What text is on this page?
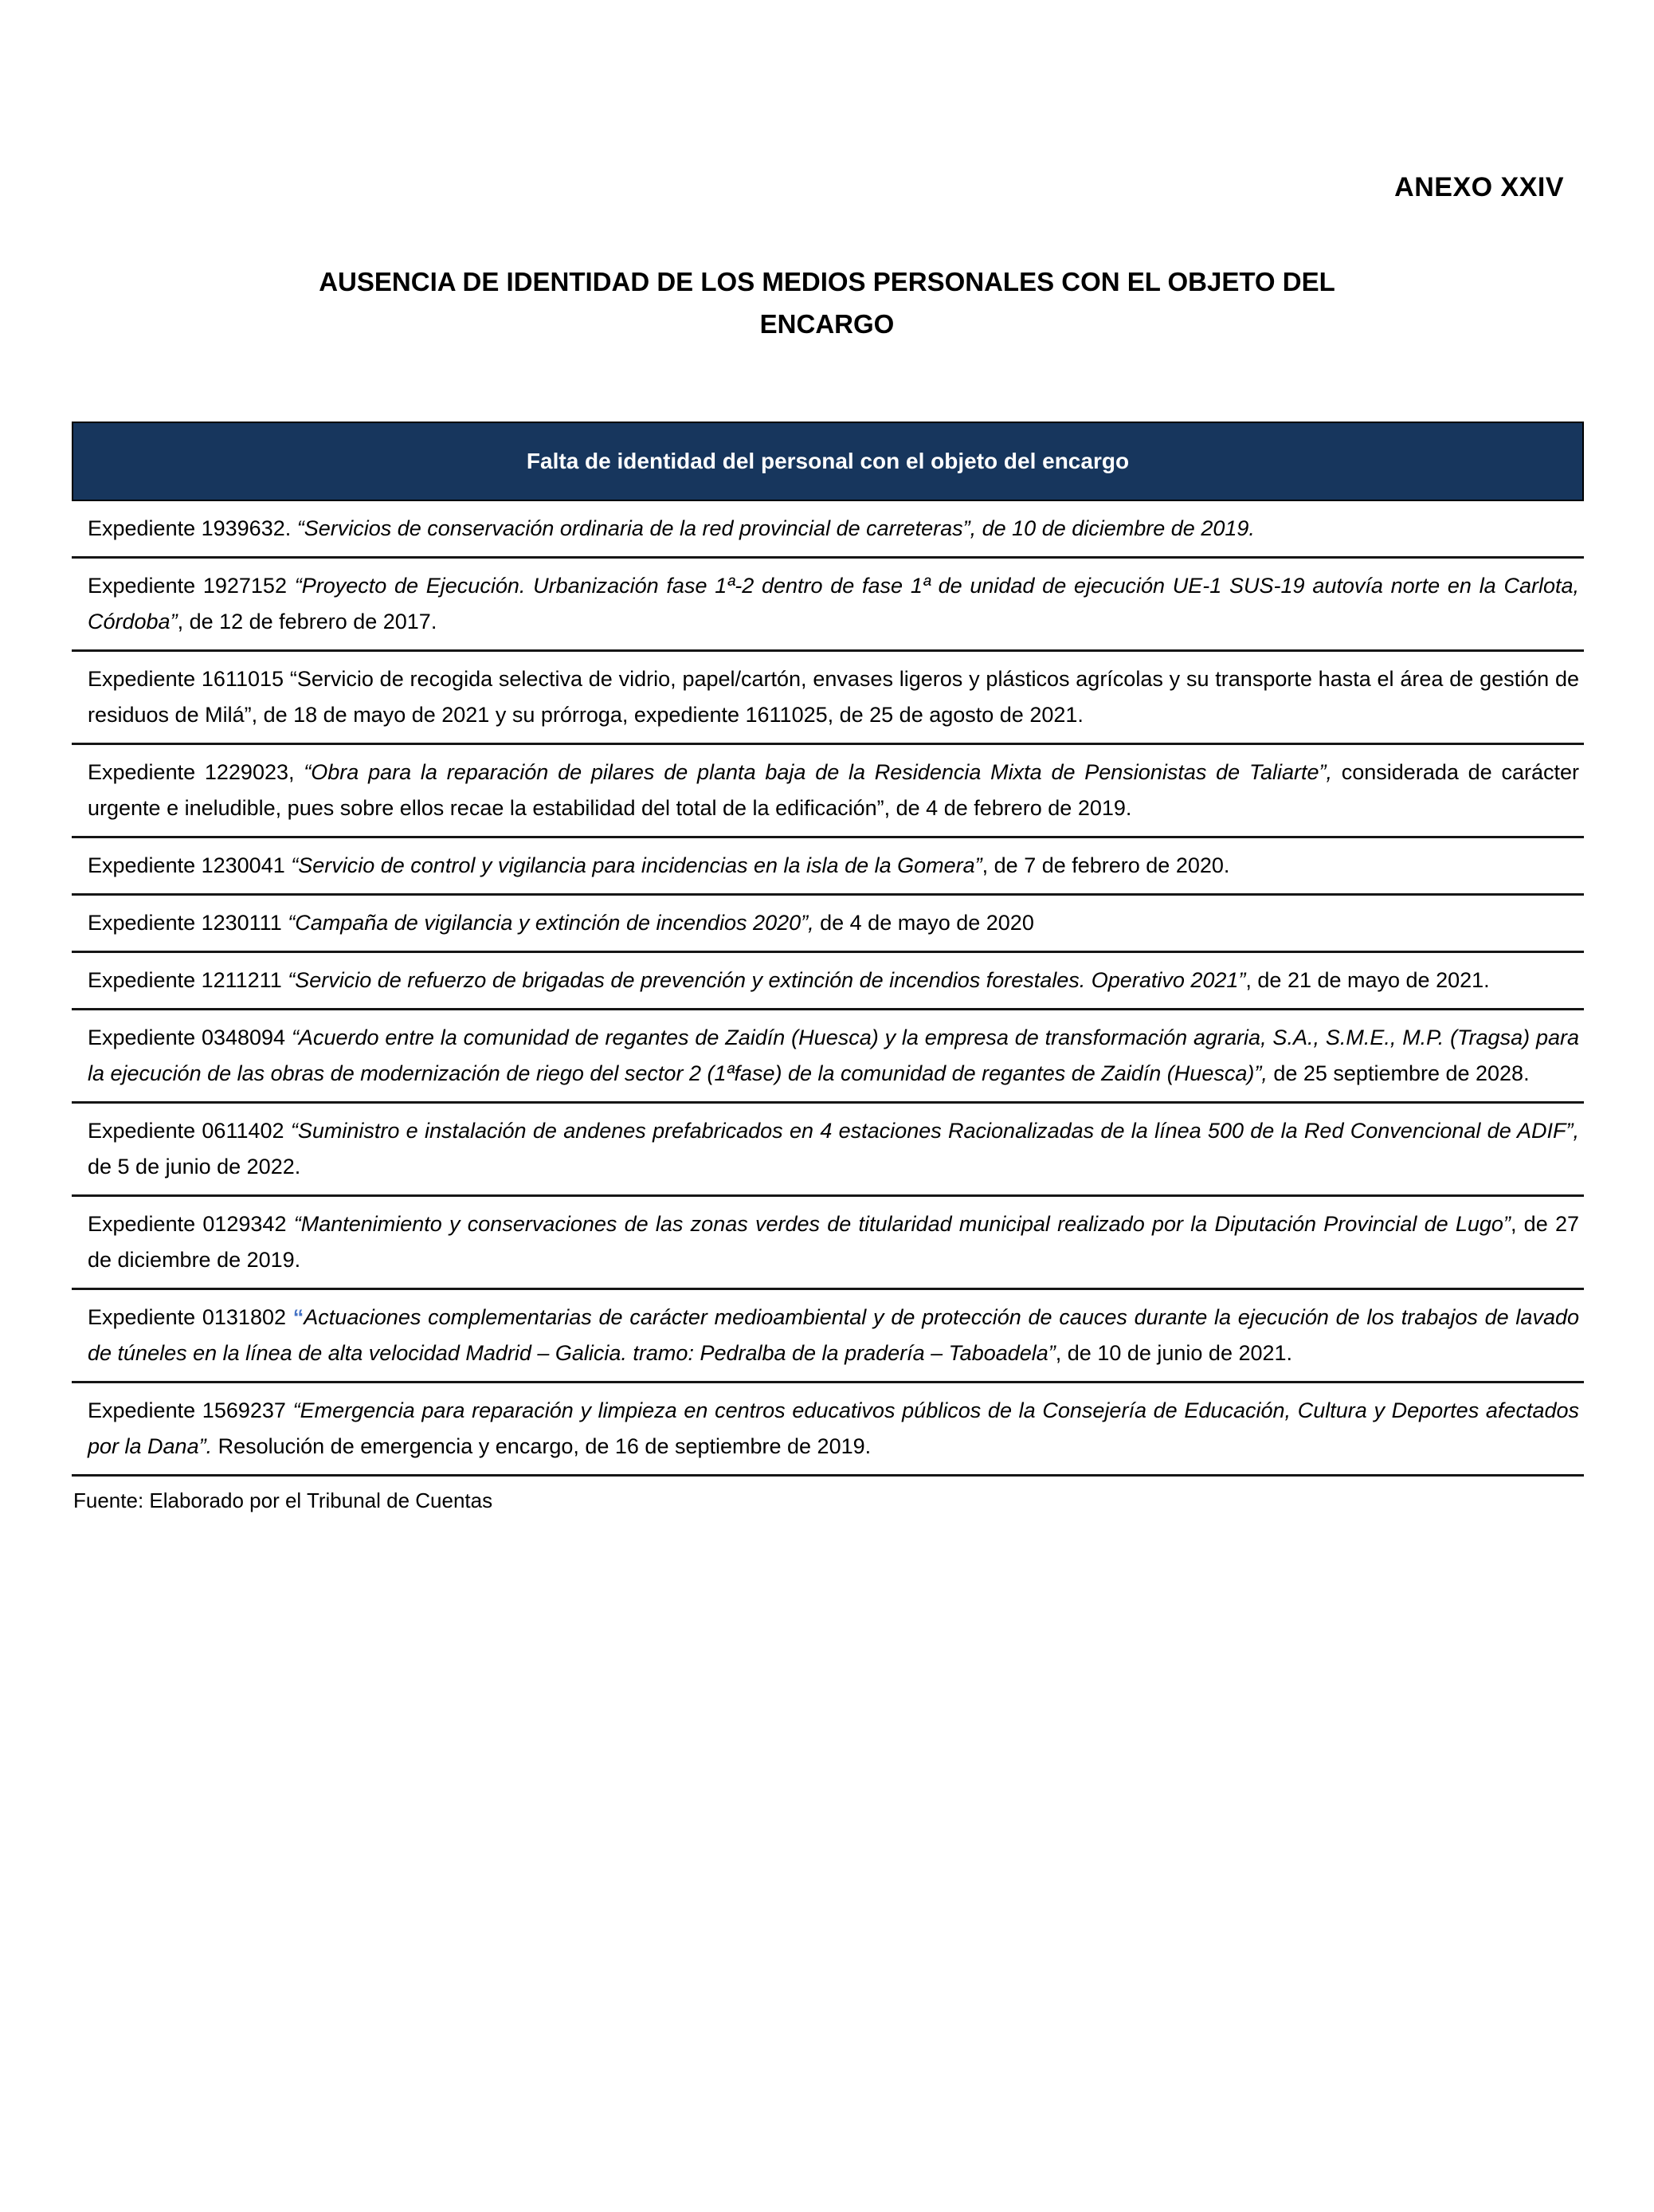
ANEXO XXIV
AUSENCIA DE IDENTIDAD DE LOS MEDIOS PERSONALES CON EL OBJETO DEL
ENCARGO
Falta de identidad del personal con el objeto del encargo
Expediente 1939632. “Servicios de conservación ordinaria de la red provincial de carreteras”, de 10 de diciembre de 2019.
Expediente 1927152 “Proyecto de Ejecución. Urbanización fase 1ª-2 dentro de fase 1ª de unidad de ejecución UE-1 SUS-19 autovía norte en la Carlota, Córdoba”, de 12 de febrero de 2017.
Expediente 1611015 “Servicio de recogida selectiva de vidrio, papel/cartón, envases ligeros y plásticos agrícolas y su transporte hasta el área de gestión de residuos de Milá”, de 18 de mayo de 2021 y su prórroga, expediente 1611025, de 25 de agosto de 2021.
Expediente 1229023, “Obra para la reparación de pilares de planta baja de la Residencia Mixta de Pensionistas de Taliarte”, considerada de carácter urgente e ineludible, pues sobre ellos recae la estabilidad del total de la edificación”, de 4 de febrero de 2019.
Expediente 1230041 “Servicio de control y vigilancia para incidencias en la isla de la Gomera”, de 7 de febrero de 2020.
Expediente 1230111 “Campaña de vigilancia y extinción de incendios 2020”, de 4 de mayo de 2020
Expediente 1211211 “Servicio de refuerzo de brigadas de prevención y extinción de incendios forestales. Operativo 2021”, de 21 de mayo de 2021.
Expediente 0348094 “Acuerdo entre la comunidad de regantes de Zaidín (Huesca) y la empresa de transformación agraria, S.A., S.M.E., M.P. (Tragsa) para la ejecución de las obras de modernización de riego del sector 2 (1ªfase) de la comunidad de regantes de Zaidín (Huesca)”, de 25 septiembre de 2028.
Expediente 0611402 “Suministro e instalación de andenes prefabricados en 4 estaciones Racionalizadas de la línea 500 de la Red Convencional de ADIF”, de 5 de junio de 2022.
Expediente 0129342 “Mantenimiento y conservaciones de las zonas verdes de titularidad municipal realizado por la Diputación Provincial de Lugo”, de 27 de diciembre de 2019.
Expediente 0131802 “Actuaciones complementarias de carácter medioambiental y de protección de cauces durante la ejecución de los trabajos de lavado de túneles en la línea de alta velocidad Madrid – Galicia. tramo: Pedralba de la pradería – Taboadela”, de 10 de junio de 2021.
Expediente 1569237 “Emergencia para reparación y limpieza en centros educativos públicos de la Consejería de Educación, Cultura y Deportes afectados por la Dana”. Resolución de emergencia y encargo, de 16 de septiembre de 2019.
Fuente: Elaborado por el Tribunal de Cuentas
